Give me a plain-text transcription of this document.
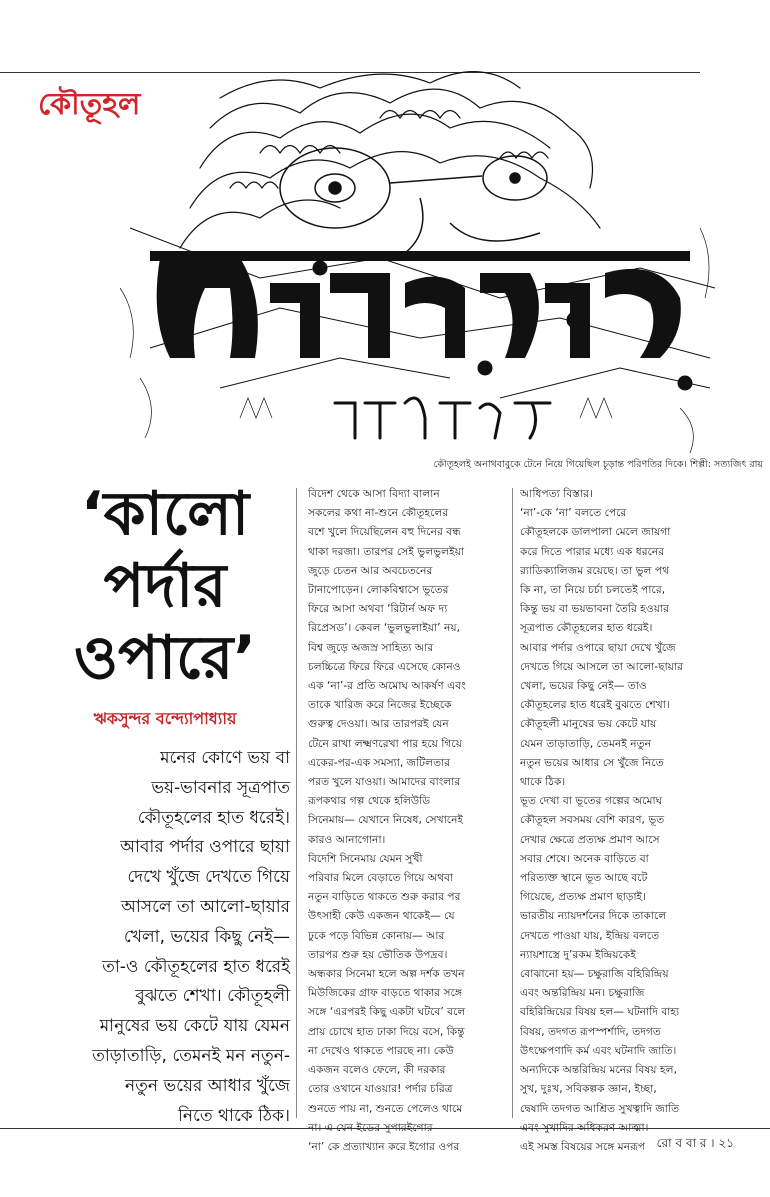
কৌতূহল
কৌতূহলই অনাথবাবুকে টেনে নিয়ে গিয়েছিল চূড়ান্ত পরিণতির দিকে। শিল্পী: সত্যজিৎ রায়
‘কালো
পর্দার
ওপারে’
ঋকসুন্দর বন্দ্যোপাধ্যায়
মনের কোণে ভয় বা
ভয়-ভাবনার সূত্রপাত
কৌতূহলের হাত ধরেই।
আবার পর্দার ওপারে ছায়া
দেখে খুঁজে দেখতে গিয়ে
আসলে তা আলো-ছায়ার
খেলা, ভয়ের কিছু নেই—
তা-ও কৌতূহলের হাত ধরেই
বুঝতে শেখা। কৌতূহলী
মানুষের ভয় কেটে যায় যেমন
তাড়াতাড়ি, তেমনই মন নতুন-
নতুন ভয়ের আধার খুঁজে
নিতে থাকে ঠিক।
বিদেশ থেকে আসা বিদ্যা বালান
সকলের কথা না-শুনে কৌতূহলের
বশে খুলে দিয়েছিলেন বহু দিনের বন্ধ
থাকা দরজা। তারপর সেই ভুলভুলইয়া
জুড়ে চেতন আর অবচেতনের
টানাপোড়েন। লোকবিশ্বাসে ভূতের
ফিরে আসা অথবা ‘রিটার্ন অফ দ্য
রিপ্রেসড’। কেবল ‘ভুলভুলাইয়া’ নয়,
বিশ্ব জুড়ে অজস্র সাহিত্য আর
চলচ্চিত্রে ফিরে ফিরে এসেছে কোনও
এক ‘না’-র প্রতি অমোঘ আকর্ষণ এবং
তাকে খারিজ করে নিজের ইচ্ছেকে
গুরুত্ব দেওয়া। আর তারপরই যেন
টেনে রাখা লক্ষ্মণরেখা পার হয়ে গিয়ে
একের-পর-এক সমস্যা, জটিলতার
পরত খুলে যাওয়া। আমাদের বাংলার
রূপকথার গল্প থেকে হলিউডি
সিনেমায়— যেখানে নিষেধ, সেখানেই
কারও আনাগোনা।
বিদেশি সিনেমায় যেমন সুখী
পরিবার মিলে বেড়াতে গিয়ে অথবা
নতুন বাড়িতে থাকতে শুরু করার পর
উৎসাহী কেউ একজন থাকেই— যে
ঢুকে পড়ে বিভিন্ন কোনায়— আর
তারপর শুরু হয় ভৌতিক উপদ্রব।
অন্ধকার সিনেমা হলে অল্প দর্শক তখন
মিউজিকের গ্রাফ বাড়তে থাকার সঙ্গে
সঙ্গে ‘এরপরই কিছু একটা ঘটবে’ বলে
প্রায় চোখে হাত ঢাকা দিয়ে বসে, কিন্তু
না দেখেও থাকতে পারছে না। কেউ
একজন বলেও ফেলে, কী দরকার
তোর ওখানে যাওয়ার! পর্দার চরিত্র
শুনতে পায় না, শুনতে পেলেও থামে
‘না’ কে প্রত্যাখ্যান করে ইগোর ওপর
আধিপত্য বিস্তার।
‘না’-কে ‘না’ বলতে পেরে
কৌতূহলকে ডালপালা মেলে জায়গা
করে দিতে পারার মধ্যে এক ধরনের
র‌্যাডিক্যালিজম রয়েছে। তা ভুল পথ
কি না, তা নিয়ে চর্চা চলতেই পারে,
কিন্তু ভয় বা ভয়ভাবনা তৈরি হওয়ার
সূত্রপাত কৌতূহলের হাত ধরেই।
আবার পর্দার ওপারে ছায়া দেখে খুঁজে
দেখতে গিয়ে আসলে তা আলো-ছায়ার
খেলা, ভয়ের কিছু নেই— তাও
কৌতূহলের হাত ধরেই বুঝতে শেখা।
কৌতূহলী মানুষের ভয় কেটে যায়
যেমন তাড়াতাড়ি, তেমনই নতুন
নতুন ভয়ের আধার সে খুঁজে নিতে
থাকে ঠিক।
ভূত দেখা বা ভূতের গল্পের অমোঘ
কৌতূহল সবসময় বেশি কারণ, ভূত
দেখার ক্ষেত্রে প্রত্যক্ষ প্রমাণ আসে
সবার শেষে। অনেক বাড়িতে বা
পরিত্যক্ত স্থানে ভূত আছে বটে
গিয়েছে, প্রত্যক্ষ প্রমাণ ছাড়াই।
ভারতীয় ন্যায়দর্শনের দিকে তাকালে
দেখতে পাওয়া যায়, ইন্দ্রিয় বলতে
ন্যায়শাস্ত্রে দু’রকম ইন্দ্রিয়কেই
বোঝানো হয়— চক্ষুরাজি বহিরিন্দ্রিয়
এবং অন্তরিন্দ্রিয় মন। চক্ষুরাজি
বহিরিন্দ্রিয়ের বিষয় হল— ঘটনাদি বাহ্য
বিষয়, তদগত রূপস্পর্শাদি, তদগত
উৎক্ষেপণাদি কর্ম এবং ঘটনাদি জাতি।
অন্যদিকে অন্তরিন্দ্রিয় মনের বিষয় হল,
সুখ, দুঃখ, সবিকল্পক জ্ঞান, ইচ্ছা,
দ্বেষাদি তদগত আশ্রিত সুখত্বাদি জাতি
এই সমস্ত বিষয়ের সঙ্গে মনরূপ রো ব বা র । ২১
